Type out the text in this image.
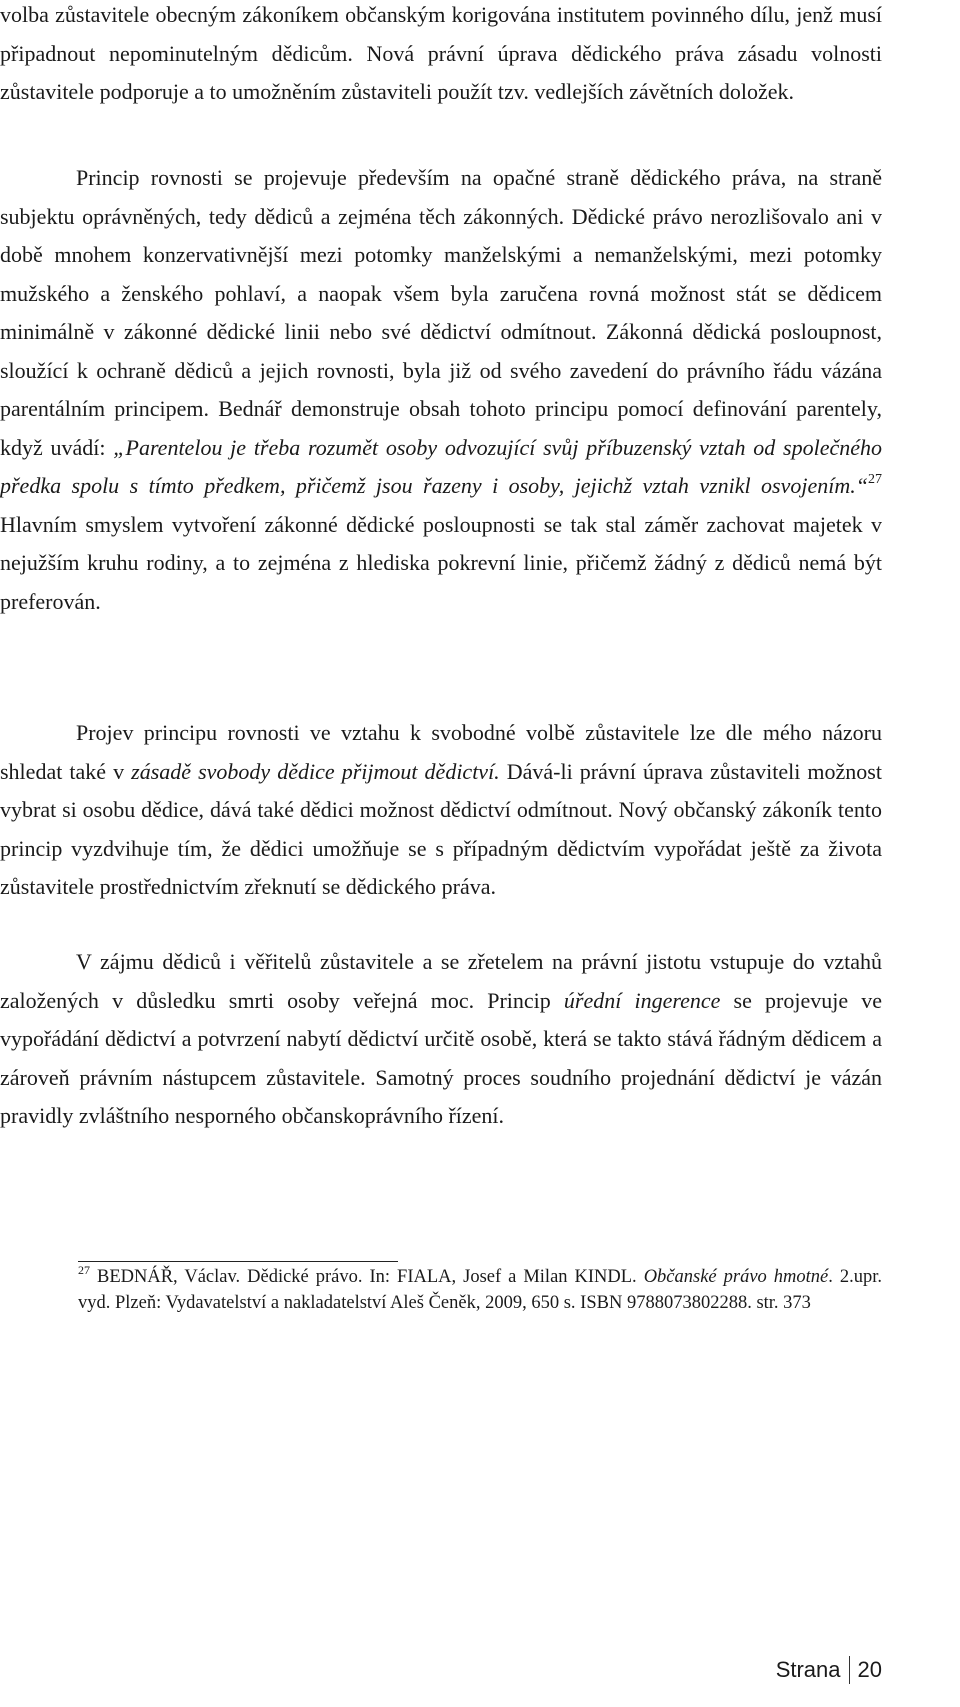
volba zůstavitele obecným zákoníkem občanským korigována institutem povinného dílu, jenž musí připadnout nepominutelným dědicům. Nová právní úprava dědického práva zásadu volnosti zůstavitele podporuje a to umožněním zůstaviteli použít tzv. vedlejších závětních doložek.

Princip rovnosti se projevuje především na opačné straně dědického práva, na straně subjektu oprávněných, tedy dědiců a zejména těch zákonných. Dědické právo nerozlišovalo ani v době mnohem konzervativnější mezi potomky manželskými a nemanželskými, mezi potomky mužského a ženského pohlaví, a naopak všem byla zaručena rovná možnost stát se dědicem minimálně v zákonné dědické linii nebo své dědictví odmítnout. Zákonná dědická posloupnost, sloužící k ochraně dědiců a jejich rovnosti, byla již od svého zavedení do právního řádu vázána parentálním principem. Bednář demonstruje obsah tohoto principu pomocí definování parentely, když uvádí: „Parentelou je třeba rozumět osoby odvozující svůj příbuzenský vztah od společného předka spolu s tímto předkem, přičemž jsou řazeny i osoby, jejichž vztah vznikl osvojením.“$^{27}$ Hlavním smyslem vytvoření zákonné dědické posloupnosti se tak stal záměr zachovat majetek v nejužším kruhu rodiny, a to zejména z hlediska pokrevní linie, přičemž žádný z dědiců nemá být preferován.

Projev principu rovnosti ve vztahu k svobodné volbě zůstavitele lze dle mého názoru shledat také v zásadě svobody dědice přijmout dědictví. Dává-li právní úprava zůstaviteli možnost vybrat si osobu dědice, dává také dědici možnost dědictví odmítnout. Nový občanský zákoník tento princip vyzdvihuje tím, že dědici umožňuje se s případným dědictvím vypořádat ještě za života zůstavitele prostřednictvím zřeknutí se dědického práva.

V zájmu dědiců i věřitelů zůstavitele a se zřetelem na právní jistotu vstupuje do vztahů založených v důsledku smrti osoby veřejná moc. Princip úřední ingerence se projevuje ve vypořádání dědictví a potvrzení nabytí dědictví určitě osobě, která se takto stává řádným dědicem a zároveň právním nástupcem zůstavitele. Samotný proces soudního projednání dědictví je vázán pravidly zvláštního nesporného občanskoprávního řízení.

$^{27}$ BEDNÁŘ, Václav. Dědické právo. In: FIALA, Josef a Milan KINDL. Občanské právo hmotné. 2.upr. vyd. Plzeň: Vydavatelství a nakladatelství Aleš Čeněk, 2009, 650 s. ISBN 9788073802288. str. 373

Strana 20
